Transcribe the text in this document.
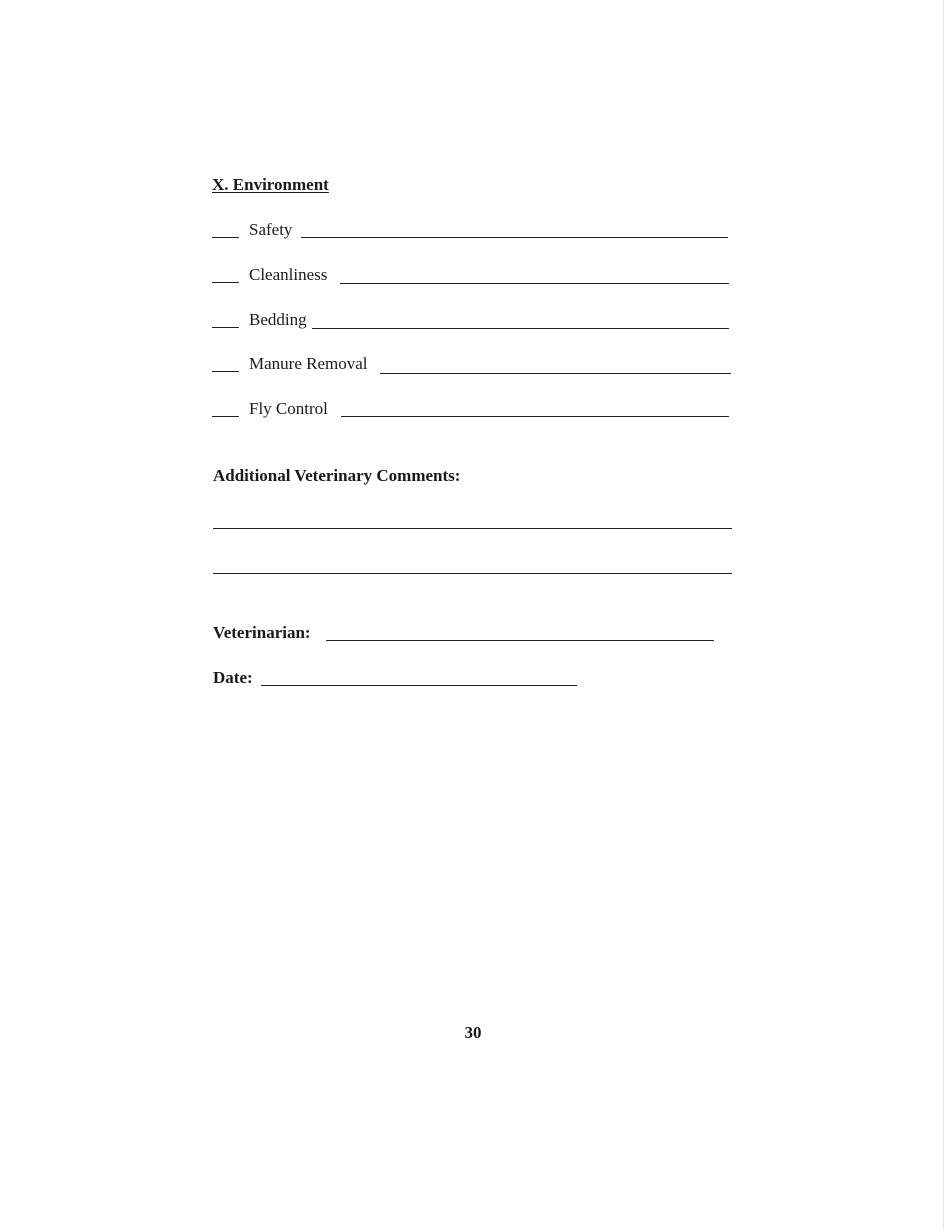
X. Environment
Safety
Cleanliness
Bedding
Manure Removal
Fly Control
Additional Veterinary Comments:
Veterinarian:
Date:
30
